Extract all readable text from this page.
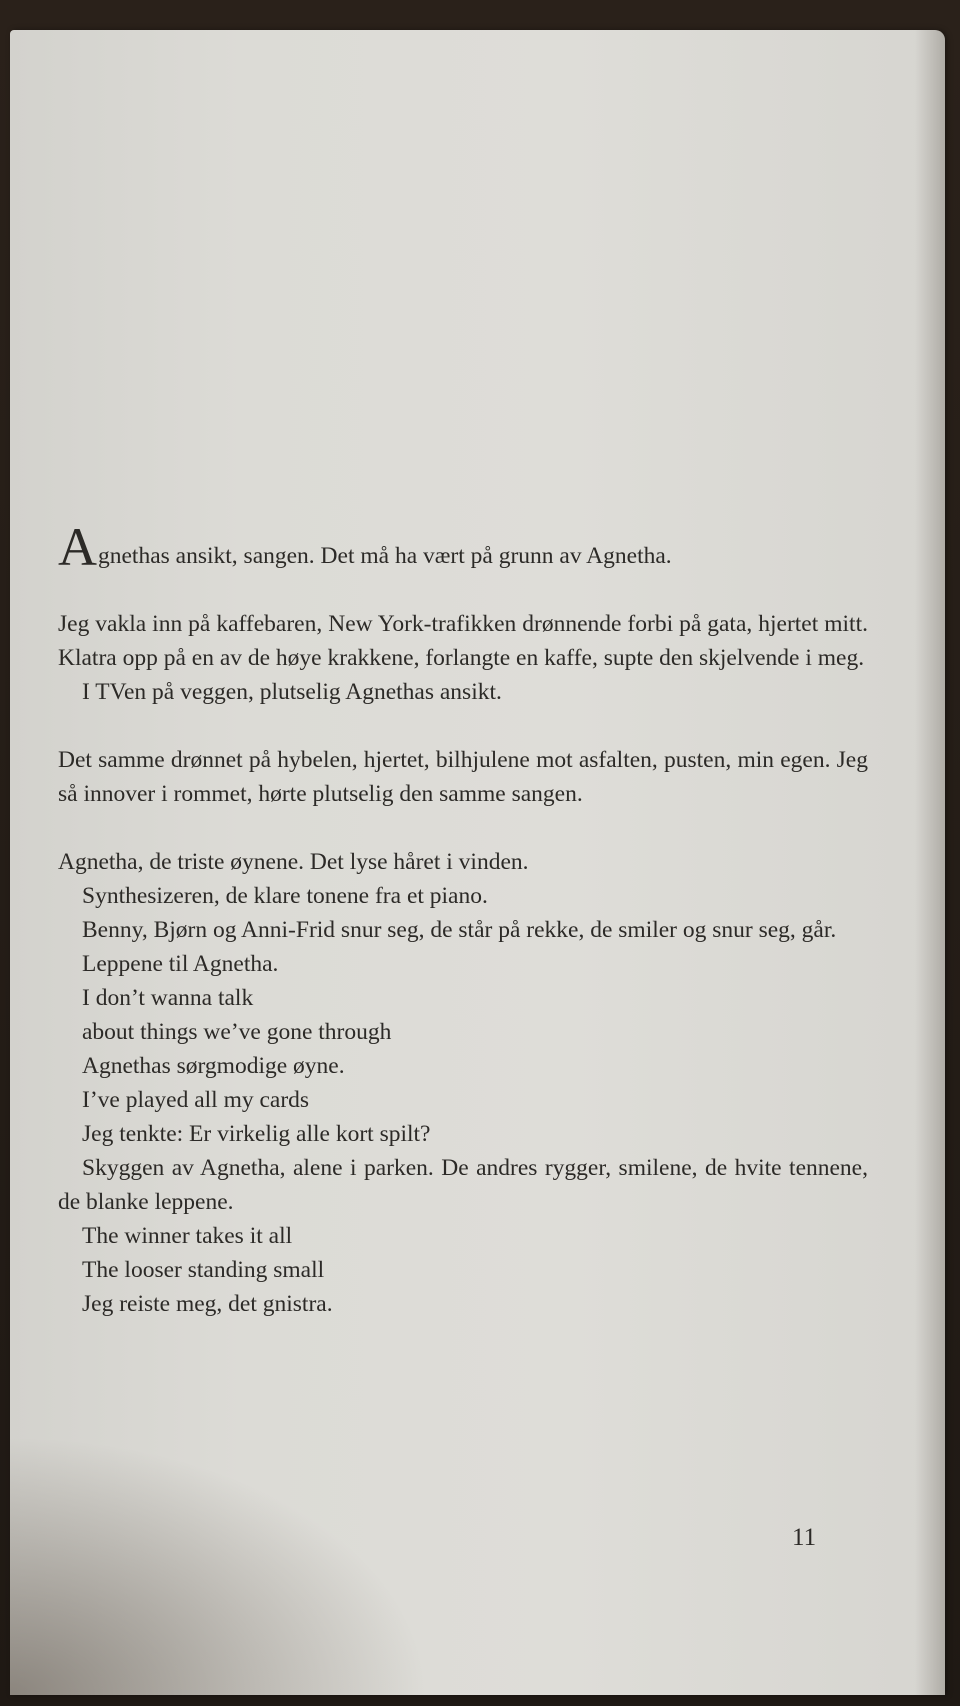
Agnethas ansikt, sangen. Det må ha vært på grunn av Agnetha.

Jeg vakla inn på kaffebaren, New York-trafikken drønnende forbi på gata, hjertet mitt. Klatra opp på en av de høye krakkene, forlangte en kaffe, supte den skjelvende i meg.

I TVen på veggen, plutselig Agnethas ansikt.

Det samme drønnet på hybelen, hjertet, bilhjulene mot asfalten, pusten, min egen. Jeg så innover i rommet, hørte plutselig den samme sangen.

Agnetha, de triste øynene. Det lyse håret i vinden.

Synthesizeren, de klare tonene fra et piano.

Benny, Bjørn og Anni-Frid snur seg, de står på rekke, de smiler og snur seg, går.

Leppene til Agnetha.

I don’t wanna talk

about things we’ve gone through

Agnethas sørgmodige øyne.

I’ve played all my cards

Jeg tenkte: Er virkelig alle kort spilt?

Skyggen av Agnetha, alene i parken. De andres rygger, smilene, de hvite tennene, de blanke leppene.

The winner takes it all

The looser standing small

Jeg reiste meg, det gnistra.

11
